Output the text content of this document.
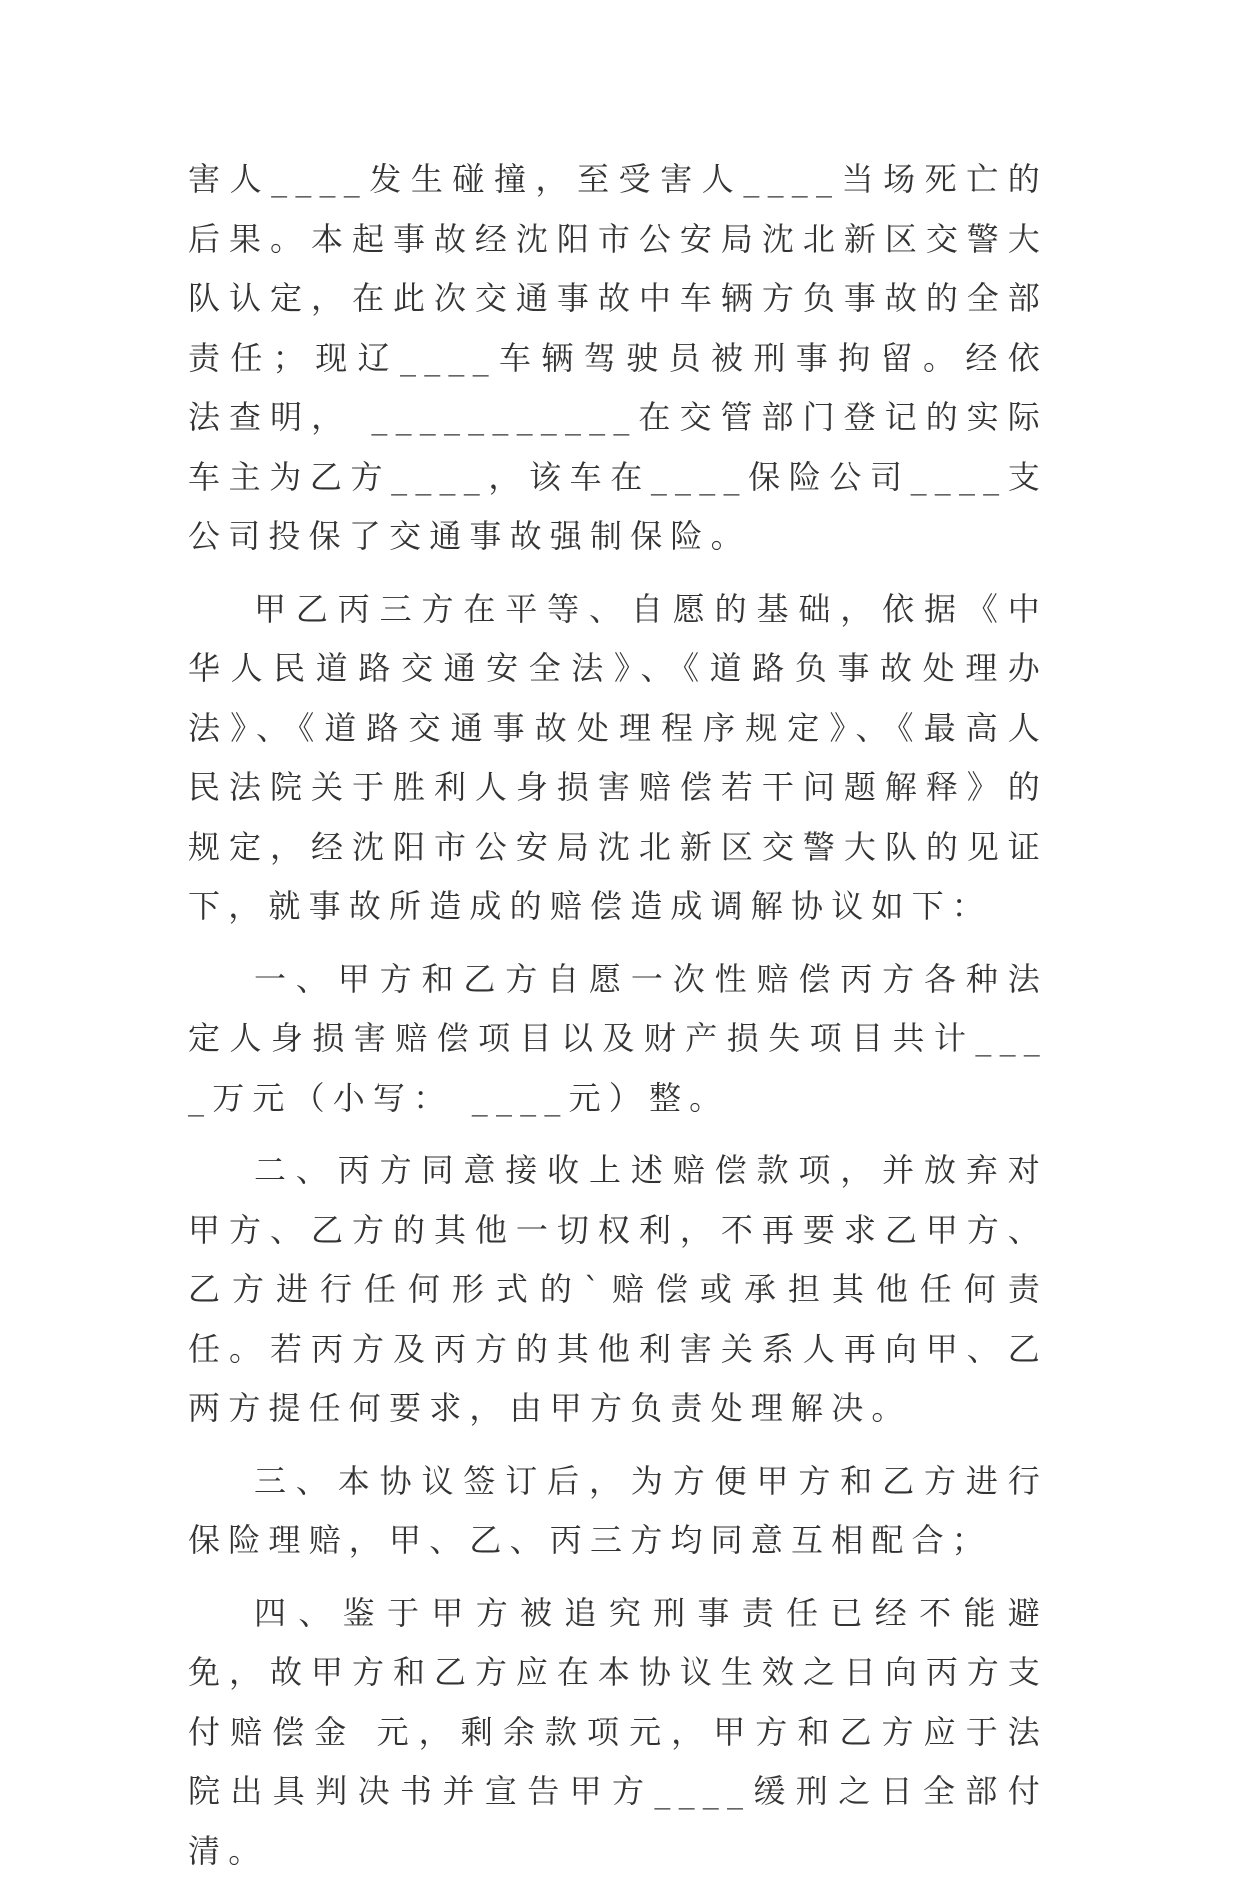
害人____发生碰撞，至受害人____当场死亡的后果。本起事故经沈阳市公安局沈北新区交警大队认定，在此次交通事故中车辆方负事故的全部责任；现辽____车辆驾驶员被刑事拘留。经依法查明， ___________在交管部门登记的实际车主为乙方____，该车在____保险公司____支公司投保了交通事故强制保险。

甲乙丙三方在平等、自愿的基础，依据《中华人民道路交通安全法》、《道路负事故处理办法》、《道路交通事故处理程序规定》、《最高人民法院关于胜利人身损害赔偿若干问题解释》的规定，经沈阳市公安局沈北新区交警大队的见证下，就事故所造成的赔偿造成调解协议如下：

一、甲方和乙方自愿一次性赔偿丙方各种法定人身损害赔偿项目以及财产损失项目共计____万元（小写： ____元）整。

二、丙方同意接收上述赔偿款项，并放弃对甲方、乙方的其他一切权利，不再要求乙甲方、乙方进行任何形式的`赔偿或承担其他任何责任。若丙方及丙方的其他利害关系人再向甲、乙两方提任何要求，由甲方负责处理解决。

三、本协议签订后，为方便甲方和乙方进行保险理赔，甲、乙、丙三方均同意互相配合；

四、鉴于甲方被追究刑事责任已经不能避免，故甲方和乙方应在本协议生效之日向丙方支付赔偿金 元，剩余款项元，甲方和乙方应于法院出具判决书并宣告甲方____缓刑之日全部付清。
